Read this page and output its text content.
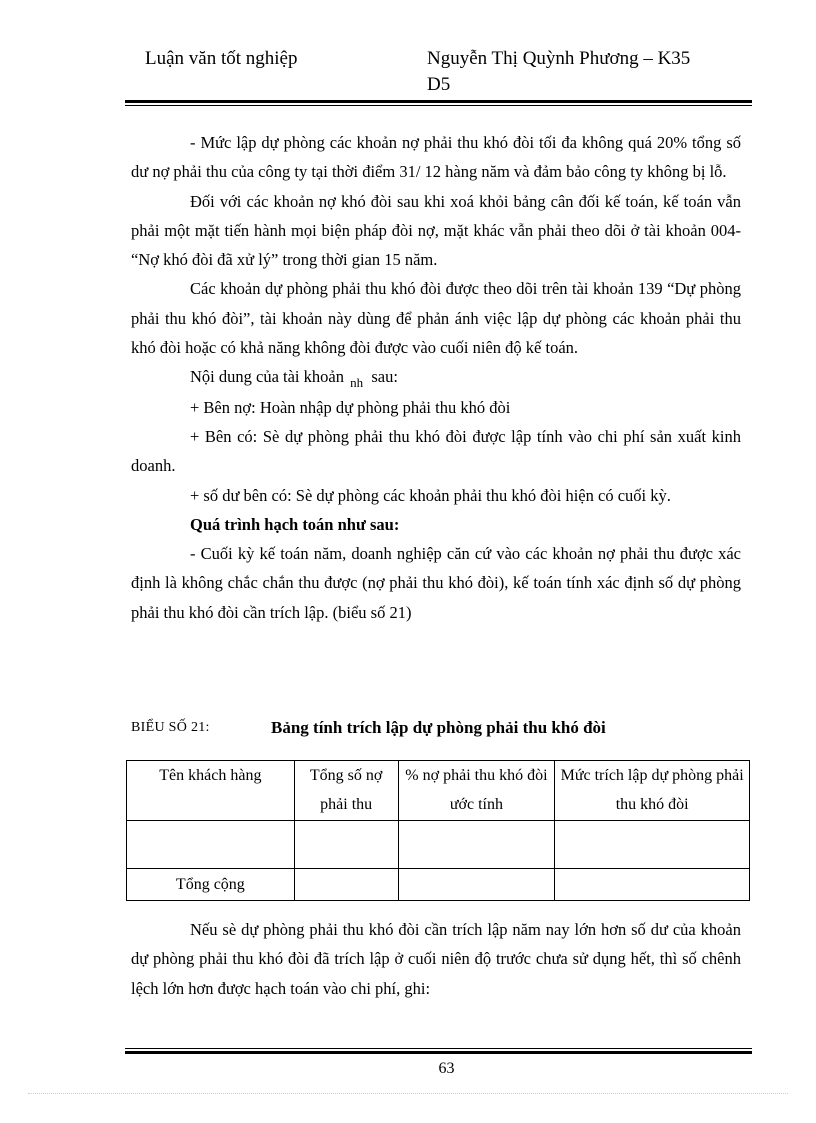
Luận văn tốt nghiệp	Nguyễn Thị Quỳnh Phương – K35
D5

- Mức lập dự phòng các khoản nợ phải thu khó đòi tối đa không quá 20% tổng số dư nợ phải thu của công ty tại thời điểm 31/ 12 hàng năm và đảm bảo công ty không bị lỗ.

Đối với các khoản nợ khó đòi sau khi xoá khỏi bảng cân đối kế toán, kế toán vẫn phải một mặt tiến hành mọi biện pháp đòi nợ, mặt khác vẫn phải theo dõi ở tài khoản 004- “Nợ khó đòi đã xử lý” trong thời gian 15 năm.

Các khoản dự phòng phải thu khó đòi được theo dõi trên tài khoản 139 “Dự phòng phải thu khó đòi”, tài khoản này dùng để phản ánh việc lập dự phòng các khoản phải thu khó đòi hoặc có khả năng không đòi được vào cuối niên độ kế toán.

Nội dung của tài khoản $_{nh}$ sau:

+ Bên nợ: Hoàn nhập dự phòng phải thu khó đòi

+ Bên có: Sè dự phòng phải thu khó đòi được lập tính vào chi phí sản xuất kinh doanh.

+ số dư bên có: Sè dự phòng các khoản phải thu khó đòi hiện có cuối kỳ.

Quá trình hạch toán như sau:

- Cuối kỳ kế toán năm, doanh nghiệp căn cứ vào các khoản nợ phải thu được xác định là không chắc chắn thu được (nợ phải thu khó đòi), kế toán tính xác định số dự phòng phải thu khó đòi cần trích lập. (biểu số 21)

BIỂU SỐ 21:	Bảng tính trích lập dự phòng phải thu khó đòi
Tên khách hàng	Tổng số nợ phải thu	% nợ phải thu khó đòi ước tính	Mức trích lập dự phòng phải thu khó đòi

Tổng cộng			

Nếu sè dự phòng phải thu khó đòi cần trích lập năm nay lớn hơn số dư của khoản dự phòng phải thu khó đòi đã trích lập ở cuối niên độ trước chưa sử dụng hết, thì số chênh lệch lớn hơn được hạch toán vào chi phí, ghi:

63
